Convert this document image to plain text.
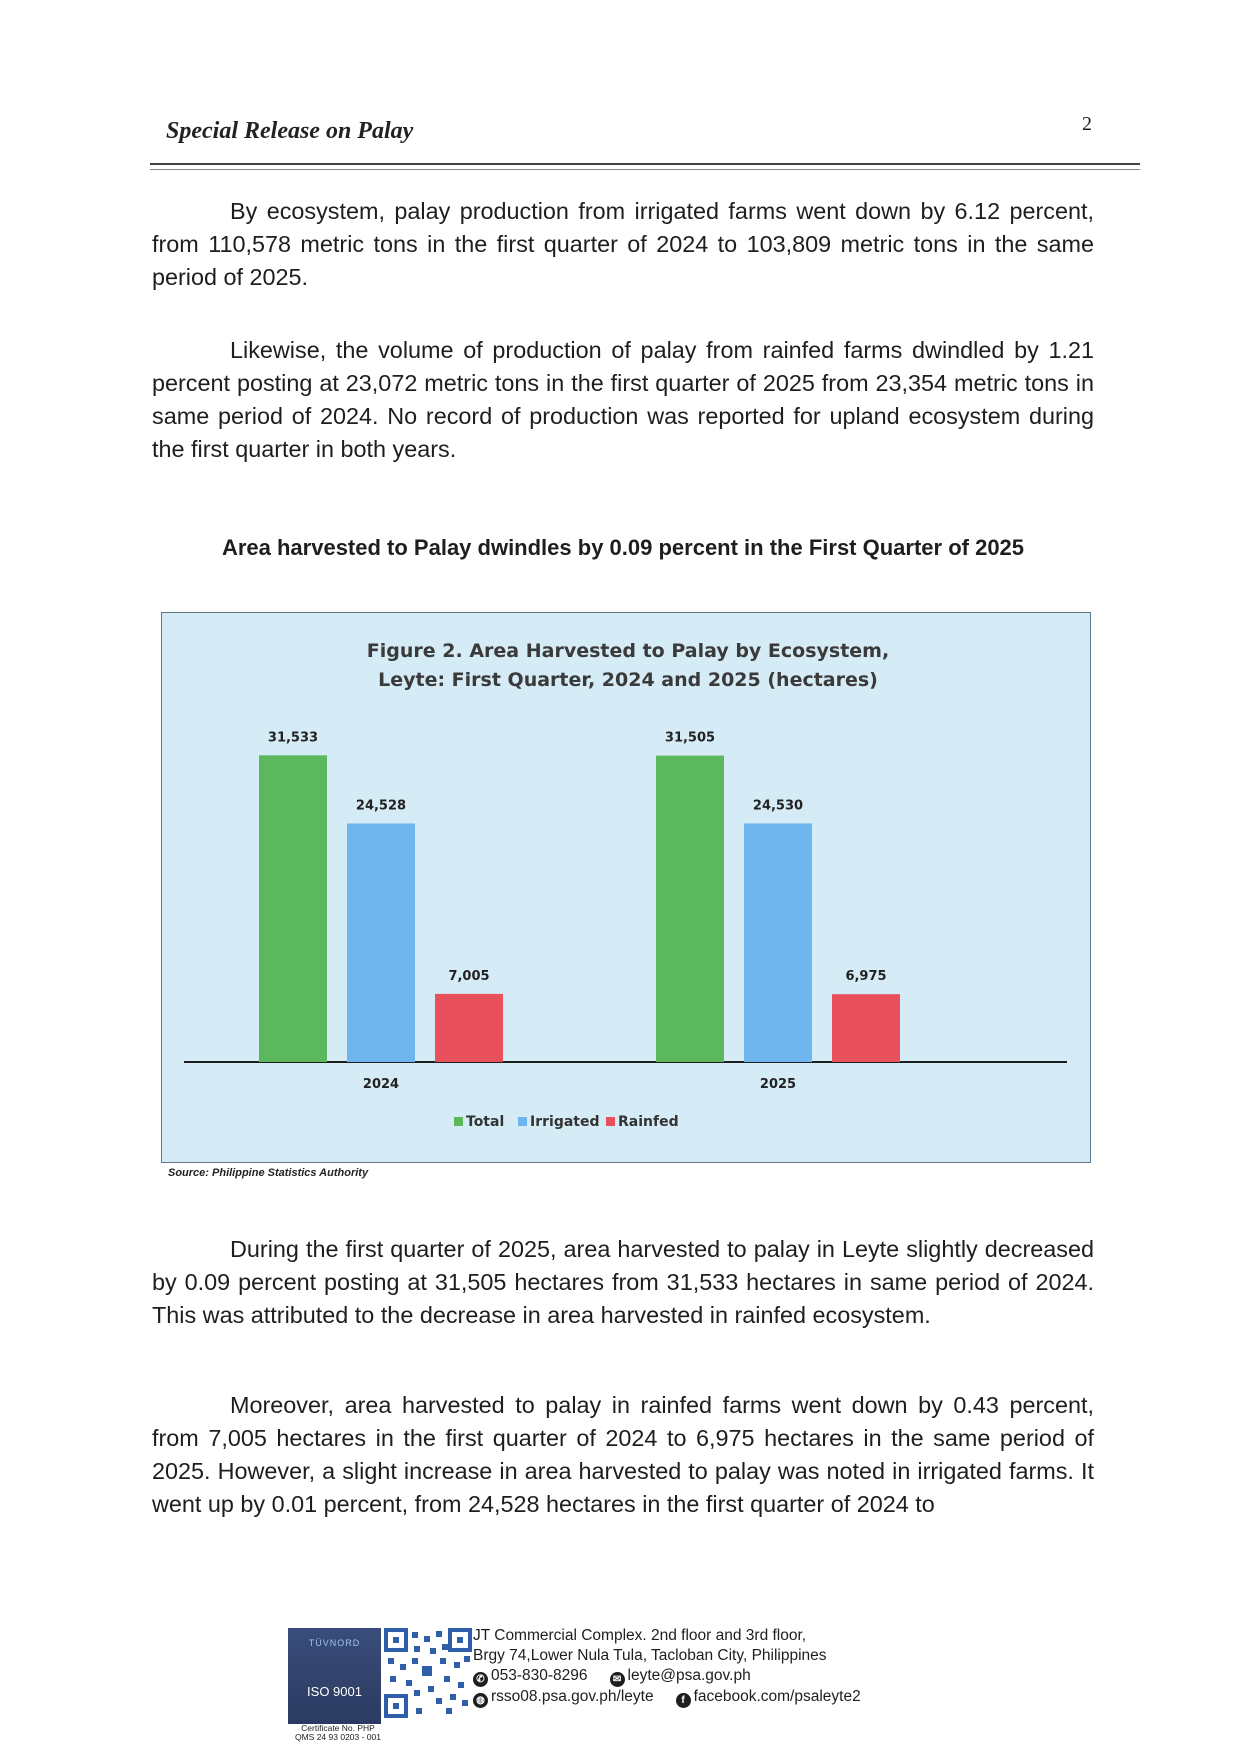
Special Release on Palay	2

By ecosystem, palay production from irrigated farms went down by 6.12 percent, from 110,578 metric tons in the first quarter of 2024 to 103,809 metric tons in the same period of 2025.

Likewise, the volume of production of palay from rainfed farms dwindled by 1.21 percent posting at 23,072 metric tons in the first quarter of 2025 from 23,354 metric tons in same period of 2024. No record of production was reported for upland ecosystem during the first quarter in both years.

Area harvested to Palay dwindles by 0.09 percent in the First Quarter of 2025
Figure 2. Area Harvested to Palay by Ecosystem,
Leyte: First Quarter, 2024 and 2025 (hectares)
31,533
24,528
7,005
2024
31,505
24,530
6,975
2025
Total Irrigated Rainfed
Source: Philippine Statistics Authority

During the first quarter of 2025, area harvested to palay in Leyte slightly decreased by 0.09 percent posting at 31,505 hectares from 31,533 hectares in same period of 2024. This was attributed to the decrease in area harvested in rainfed ecosystem.

Moreover, area harvested to palay in rainfed farms went down by 0.43 percent, from 7,005 hectares in the first quarter of 2024 to 6,975 hectares in the same period of 2025. However, a slight increase in area harvested to palay was noted in irrigated farms. It went up by 0.01 percent, from 24,528 hectares in the first quarter of 2024 to

TÜVNORD
ISO 9001
Certificate No. PHP
QMS 24 93 0203 - 001
JT Commercial Complex. 2nd floor and 3rd floor,
Brgy 74,Lower Nula Tula, Tacloban City, Philippines
✆ 053-830-8296	✉ leyte@psa.gov.ph
◍ rsso08.psa.gov.ph/leyte	f facebook.com/psaleyte2
